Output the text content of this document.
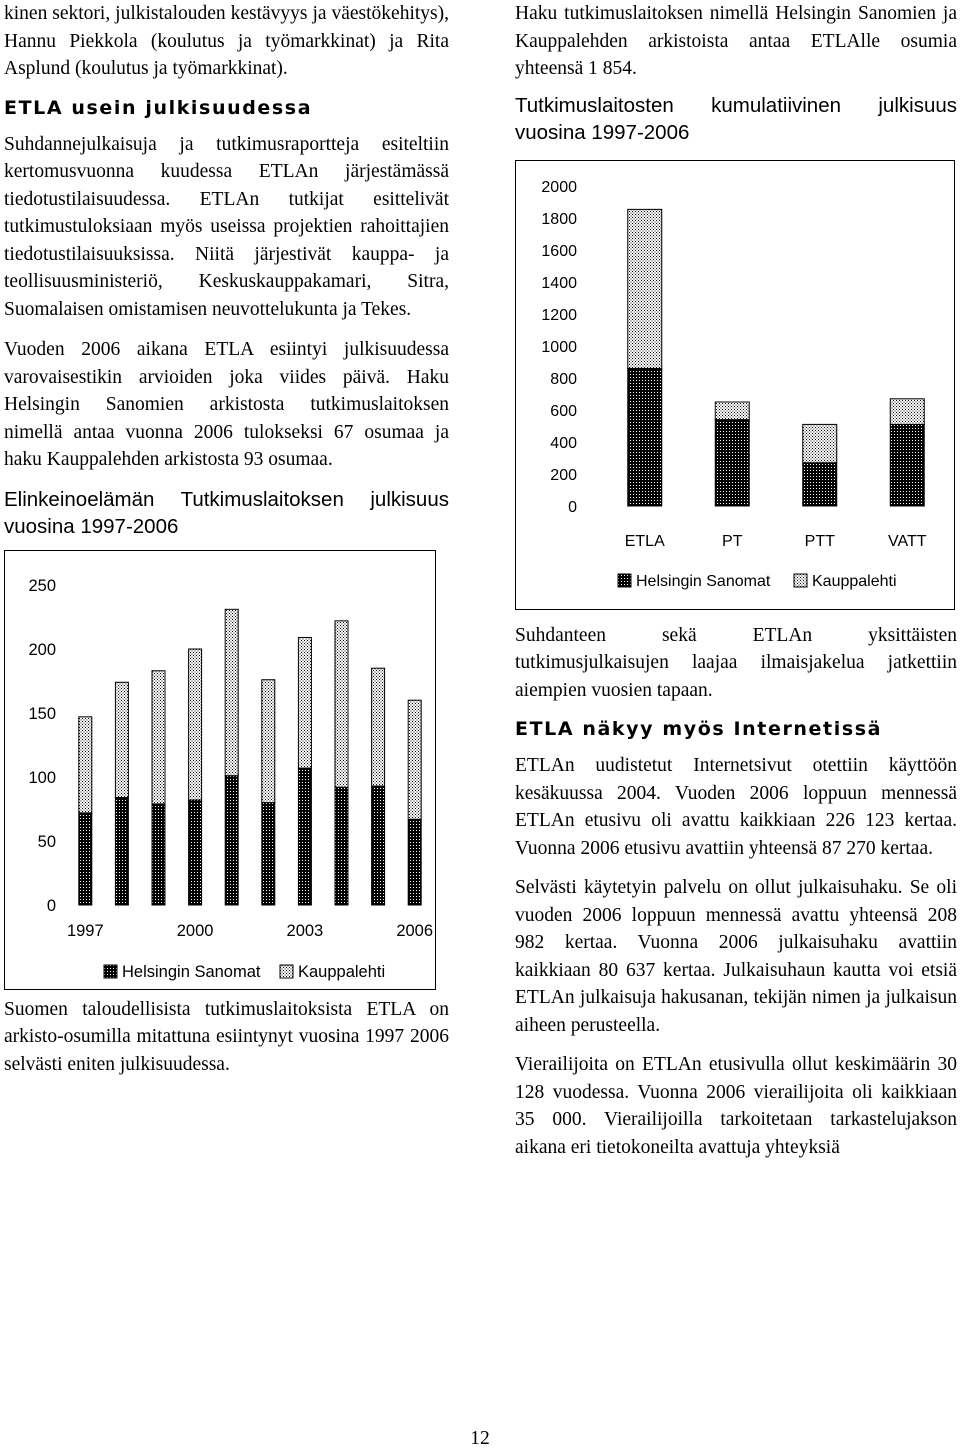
kinen sektori, julkistalouden kestävyys ja väestökehitys), Hannu Piekkola (koulutus ja työmarkkinat) ja Rita Asplund (koulutus ja työmarkkinat).

ETLA usein julkisuudessa

Suhdannejulkaisuja ja tutkimusraportteja esiteltiin kertomusvuonna kuudessa ETLAn järjestämässä tiedotustilaisuudessa. ETLAn tutkijat esittelivät tutkimustuloksiaan myös useissa projektien rahoittajien tiedotustilaisuuksissa. Niitä järjestivät kauppa- ja teollisuusministeriö, Keskuskauppakamari, Sitra, Suomalaisen omistamisen neuvottelukunta ja Tekes.

Vuoden 2006 aikana ETLA esiintyi julkisuudessa varovaisestikin arvioiden joka viides päivä. Haku Helsingin Sanomien arkistosta tutkimuslaitoksen nimellä antaa vuonna 2006 tulokseksi 67 osumaa ja haku Kauppalehden arkistosta 93 osumaa.

Elinkeinoelämän Tutkimuslaitoksen julkisuus vuosina 1997-2006

0
50
100
150
200
250
1997	2000	2003	2006
Helsingin Sanomat Kauppalehti

Suomen taloudellisista tutkimuslaitoksista ETLA on arkisto-osumilla mitattuna esiintynyt vuosina 1997 2006 selvästi eniten julkisuudessa.

Haku tutkimuslaitoksen nimellä Helsingin Sanomien ja Kauppalehden arkistoista antaa ETLAlle osumia yhteensä 1 854.

Tutkimuslaitosten kumulatiivinen julkisuus vuosina 1997-2006

0
200
400
600
800
1000
1200
1400
1600
1800
2000
ETLA	PT	PTT	VATT
Helsingin Sanomat	Kauppalehti

Suhdanteen sekä ETLAn yksittäisten tutkimusjulkaisujen laajaa ilmaisjakelua jatkettiin aiempien vuosien tapaan.

ETLA näkyy myös Internetissä

ETLAn uudistetut Internetsivut otettiin käyttöön kesäkuussa 2004. Vuoden 2006 loppuun mennessä ETLAn etusivu oli avattu kaikkiaan 226 123 kertaa. Vuonna 2006 etusivu avattiin yhteensä 87 270 kertaa.

Selvästi käytetyin palvelu on ollut julkaisuhaku. Se oli vuoden 2006 loppuun mennessä avattu yhteensä 208 982 kertaa. Vuonna 2006 julkaisuhaku avattiin kaikkiaan 80 637 kertaa. Julkaisuhaun kautta voi etsiä ETLAn julkaisuja hakusanan, tekijän nimen ja julkaisun aiheen perusteella.

Vierailijoita on ETLAn etusivulla ollut keskimäärin 30 128 vuodessa. Vuonna 2006 vierailijoita oli kaikkiaan 35 000. Vierailijoilla tarkoitetaan tarkastelujakson aikana eri tietokoneilta avattuja yhteyksiä

12
